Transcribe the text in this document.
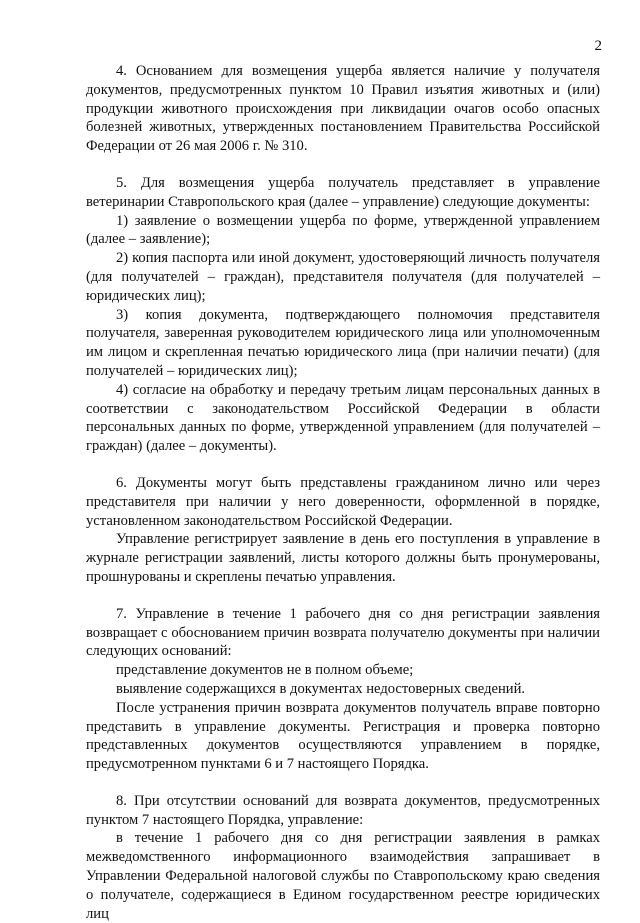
2

4. Основанием для возмещения ущерба является наличие у получателя документов, предусмотренных пунктом 10 Правил изъятия животных и (или) продукции животного происхождения при ликвидации очагов особо опасных болезней животных, утвержденных постановлением Правительства Российской Федерации от 26 мая 2006 г. № 310.

5. Для возмещения ущерба получатель представляет в управление ветеринарии Ставропольского края (далее – управление) следующие документы:

1) заявление о возмещении ущерба по форме, утвержденной управлением (далее – заявление);

2) копия паспорта или иной документ, удостоверяющий личность получателя (для получателей – граждан), представителя получателя (для получателей – юридических лиц);

3) копия документа, подтверждающего полномочия представителя получателя, заверенная руководителем юридического лица или уполномоченным им лицом и скрепленная печатью юридического лица (при наличии печати) (для получателей – юридических лиц);

4) согласие на обработку и передачу третьим лицам персональных данных в соответствии с законодательством Российской Федерации в области персональных данных по форме, утвержденной управлением (для получателей – граждан) (далее – документы).

6. Документы могут быть представлены гражданином лично или через представителя при наличии у него доверенности, оформленной в порядке, установленном законодательством Российской Федерации.

Управление регистрирует заявление в день его поступления в управление в журнале регистрации заявлений, листы которого должны быть пронумерованы, прошнурованы и скреплены печатью управления.

7. Управление в течение 1 рабочего дня со дня регистрации заявления возвращает с обоснованием причин возврата получателю документы при наличии следующих оснований:

представление документов не в полном объеме;

выявление содержащихся в документах недостоверных сведений.

После устранения причин возврата документов получатель вправе повторно представить в управление документы. Регистрация и проверка повторно представленных документов осуществляются управлением в порядке, предусмотренном пунктами 6 и 7 настоящего Порядка.

8. При отсутствии оснований для возврата документов, предусмотренных пунктом 7 настоящего Порядка, управление:

в течение 1 рабочего дня со дня регистрации заявления в рамках межведомственного информационного взаимодействия запрашивает в Управлении Федеральной налоговой службы по Ставропольскому краю сведения о получателе, содержащиеся в Едином государственном реестре юридических лиц
